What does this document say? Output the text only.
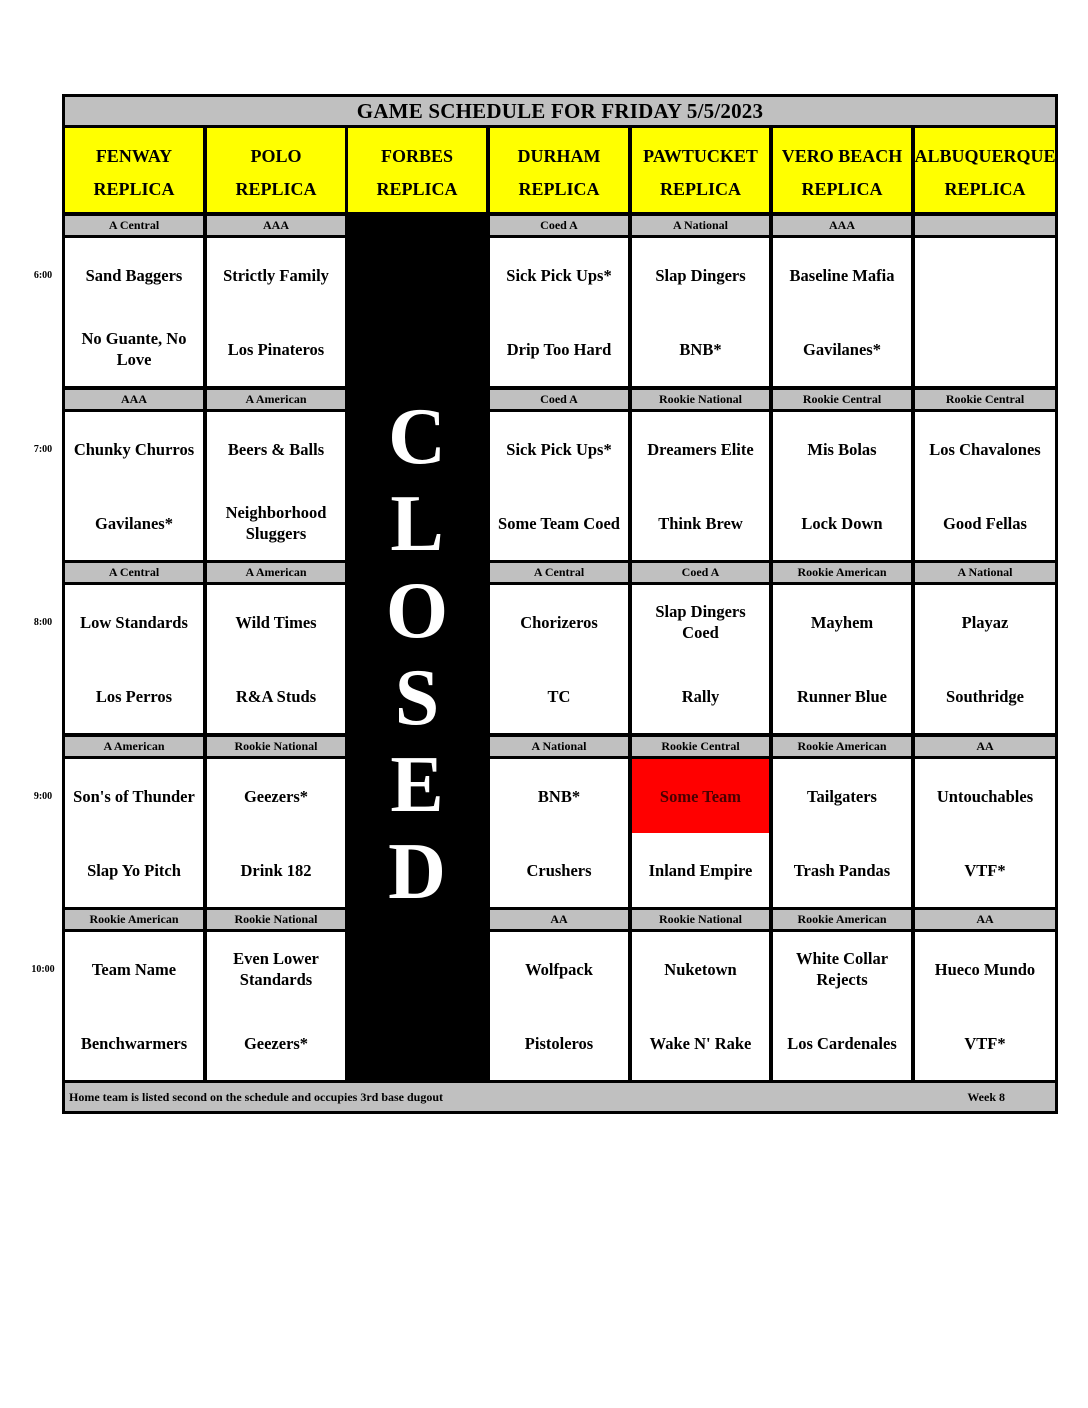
GAME SCHEDULE FOR FRIDAY 5/5/2023
Home team is listed second on the schedule and occupies 3rd base dugout	Week 8
FENWAY
REPLICA
POLO
REPLICA
FORBES
REPLICA
DURHAM
REPLICA
PAWTUCKET
REPLICA
VERO BEACH
REPLICA
ALBUQUERQUE
REPLICA
C
L
O
S
E
D
A Central
Sand Baggers
No Guante, No Love
AAA
Strictly Family
Los Pinateros
Coed A
Sick Pick Ups*
Drip Too Hard
A National
Slap Dingers
BNB*
AAA
Baseline Mafia
Gavilanes*
AAA
Chunky Churros
Gavilanes*
A American
Beers & Balls
Neighborhood Sluggers
Coed A
Sick Pick Ups*
Some Team Coed
Rookie National
Dreamers Elite
Think Brew
Rookie Central
Mis Bolas
Lock Down
Rookie Central
Los Chavalones
Good Fellas
A Central
Low Standards
Los Perros
A American
Wild Times
R&A Studs
A Central
Chorizeros
TC
Coed A
Slap Dingers Coed
Rally
Rookie American
Mayhem
Runner Blue
A National
Playaz
Southridge
A American
Son's of Thunder
Slap Yo Pitch
Rookie National
Geezers*
Drink 182
A National
BNB*
Crushers
Rookie Central
Some Team
Inland Empire
Rookie American
Tailgaters
Trash Pandas
AA
Untouchables
VTF*
Rookie American
Team Name
Benchwarmers
Rookie National
Even Lower Standards
Geezers*
AA
Wolfpack
Pistoleros
Rookie National
Nuketown
Wake N' Rake
Rookie American
White Collar Rejects
Los Cardenales
AA
Hueco Mundo
VTF*
6:00
7:00
8:00
9:00
10:00
